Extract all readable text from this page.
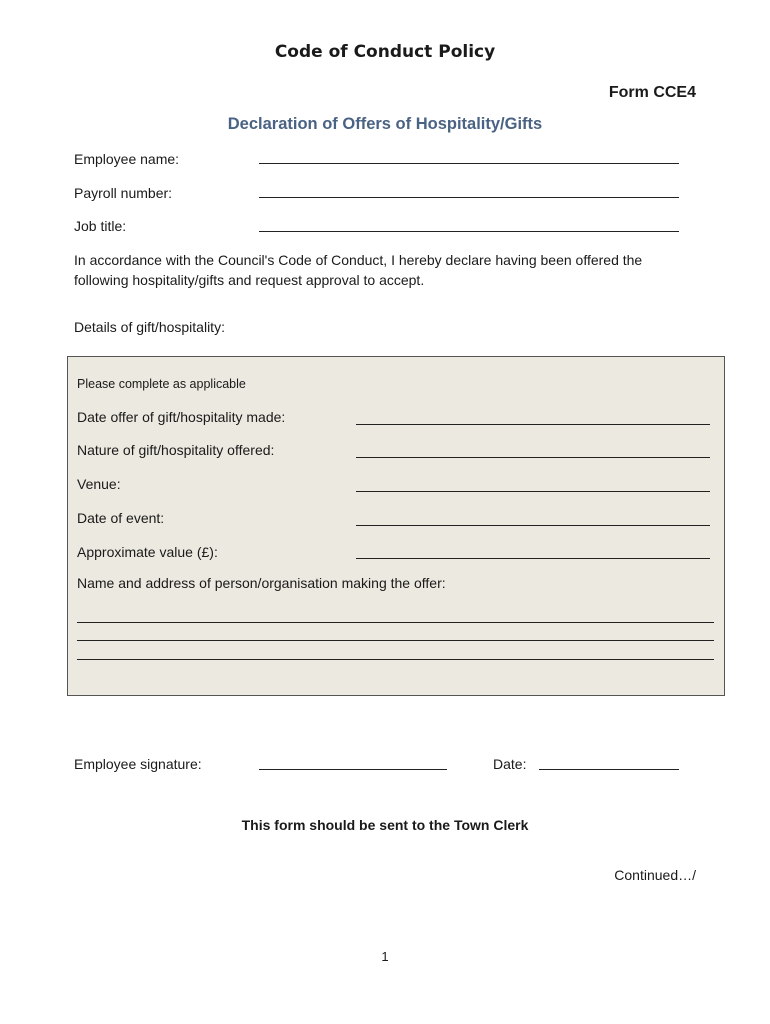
Code of Conduct Policy
Form CCE4
Declaration of Offers of Hospitality/Gifts
Employee name:
Payroll number:
Job title:
In accordance with the Council's Code of Conduct, I hereby declare having been offered the following hospitality/gifts and request approval to accept.
Details of gift/hospitality:
Please complete as applicable
Date offer of gift/hospitality made:
Nature of gift/hospitality offered:
Venue:
Date of event:
Approximate value (£):
Name and address of person/organisation making the offer:
Employee signature:	Date:
This form should be sent to the Town Clerk
Continued…/
1
